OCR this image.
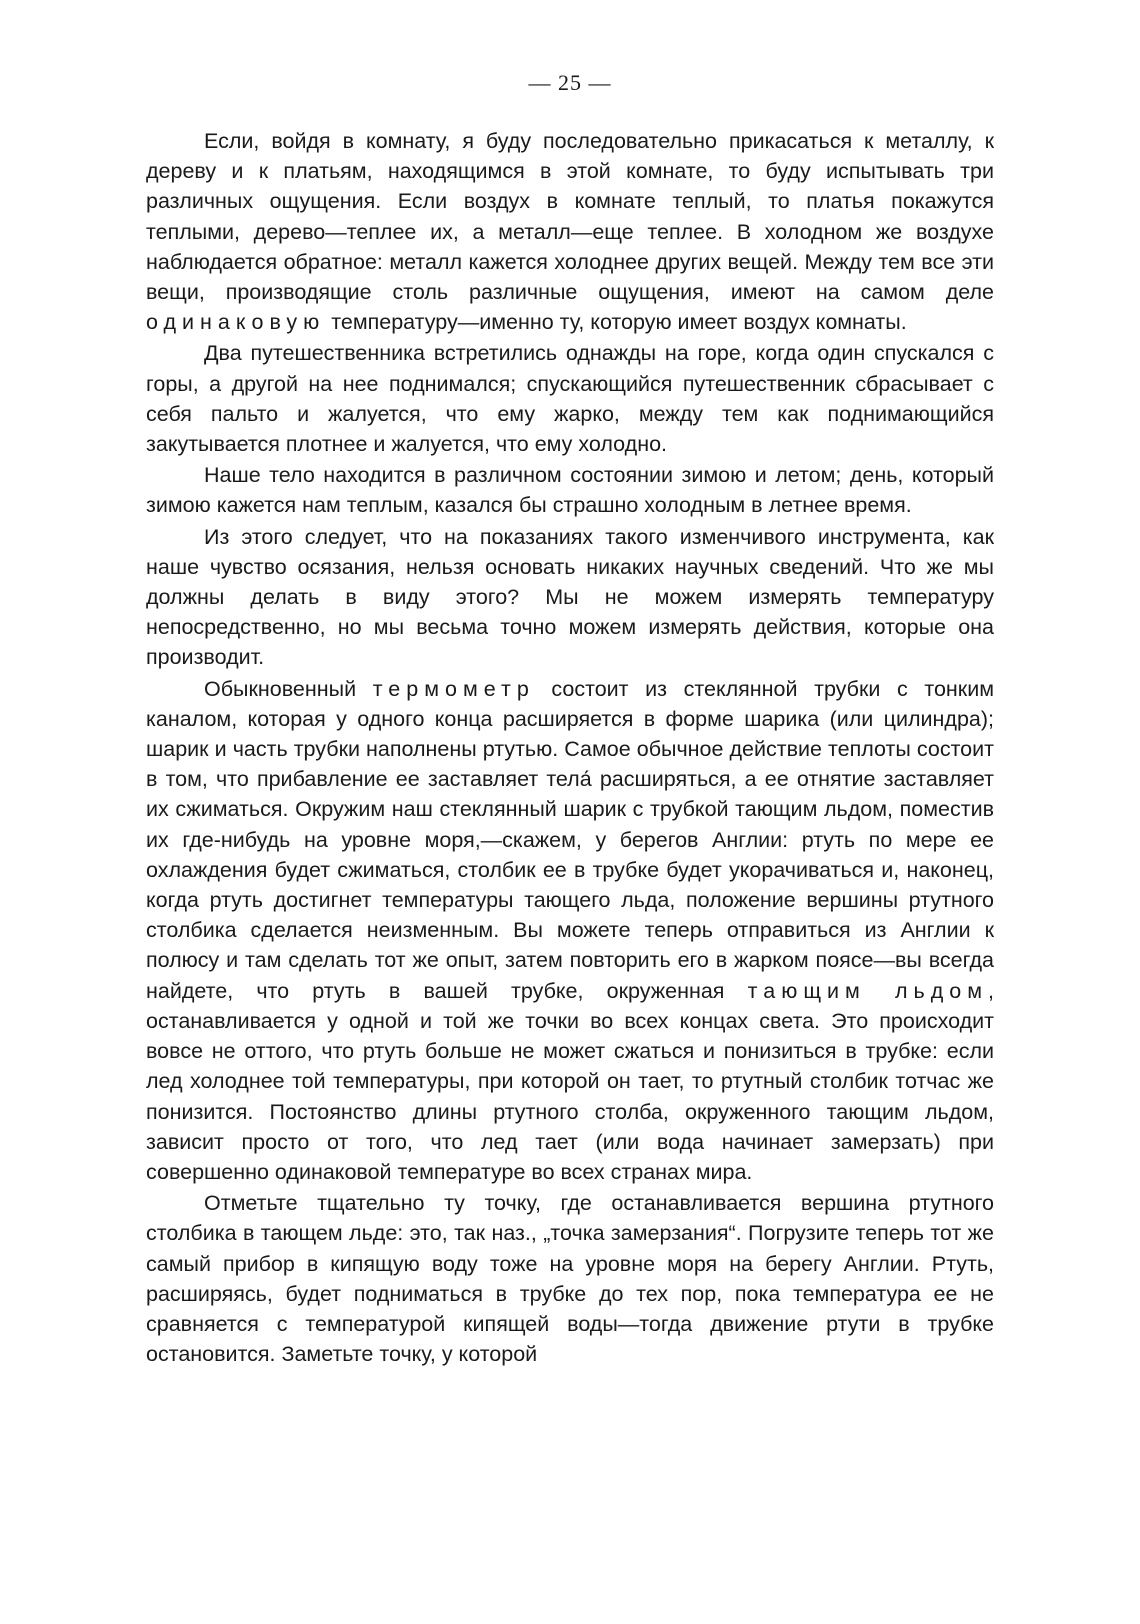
— 25 —

Если, войдя в комнату, я буду последовательно прикасаться к металлу, к дереву и к платьям, находящимся в этой комнате, то буду испытывать три различных ощущения. Если воздух в комнате теплый, то платья покажутся теплыми, дерево—теплее их, а металл—еще теплее. В холодном же воздухе наблюдается обратное: металл кажется холоднее других вещей. Между тем все эти вещи, производящие столь различные ощущения, имеют на самом деле одинаковую температуру—именно ту, которую имеет воздух комнаты.

Два путешественника встретились однажды на горе, когда один спускался с горы, а другой на нее поднимался; спускающийся путешественник сбрасывает с себя пальто и жалуется, что ему жарко, между тем как поднимающийся закутывается плотнее и жалуется, что ему холодно.

Наше тело находится в различном состоянии зимою и летом; день, который зимою кажется нам теплым, казался бы страшно холодным в летнее время.

Из этого следует, что на показаниях такого изменчивого инструмента, как наше чувство осязания, нельзя основать никаких научных сведений. Что же мы должны делать в виду этого? Мы не можем измерять температуру непосредственно, но мы весьма точно можем измерять действия, которые она производит.

Обыкновенный термометр состоит из стеклянной трубки с тонким каналом, которая у одного конца расширяется в форме шарика (или цилиндра); шарик и часть трубки наполнены ртутью. Самое обычное действие теплоты состоит в том, что прибавление ее заставляет тела́ расширяться, а ее отнятие заставляет их сжиматься. Окружим наш стеклянный шарик с трубкой тающим льдом, поместив их где-нибудь на уровне моря,—скажем, у берегов Англии: ртуть по мере ее охлаждения будет сжиматься, столбик ее в трубке будет укорачиваться и, наконец, когда ртуть достигнет температуры тающего льда, положение вершины ртутного столбика сделается неизменным. Вы можете теперь отправиться из Англии к полюсу и там сделать тот же опыт, затем повторить его в жарком поясе—вы всегда найдете, что ртуть в вашей трубке, окруженная тающим льдом, останавливается у одной и той же точки во всех концах света. Это происходит вовсе не оттого, что ртуть больше не может сжаться и понизиться в трубке: если лед холоднее той температуры, при которой он тает, то ртутный столбик тотчас же понизится. Постоянство длины ртутного столба, окруженного тающим льдом, зависит просто от того, что лед тает (или вода начинает замерзать) при совершенно одинаковой температуре во всех странах мира.

Отметьте тщательно ту точку, где останавливается вершина ртутного столбика в тающем льде: это, так наз., „точка замерзания“. Погрузите теперь тот же самый прибор в кипящую воду тоже на уровне моря на берегу Англии. Ртуть, расширяясь, будет подниматься в трубке до тех пор, пока температура ее не сравняется с температурой кипящей воды—тогда движение ртути в трубке остановится. Заметьте точку, у которой
